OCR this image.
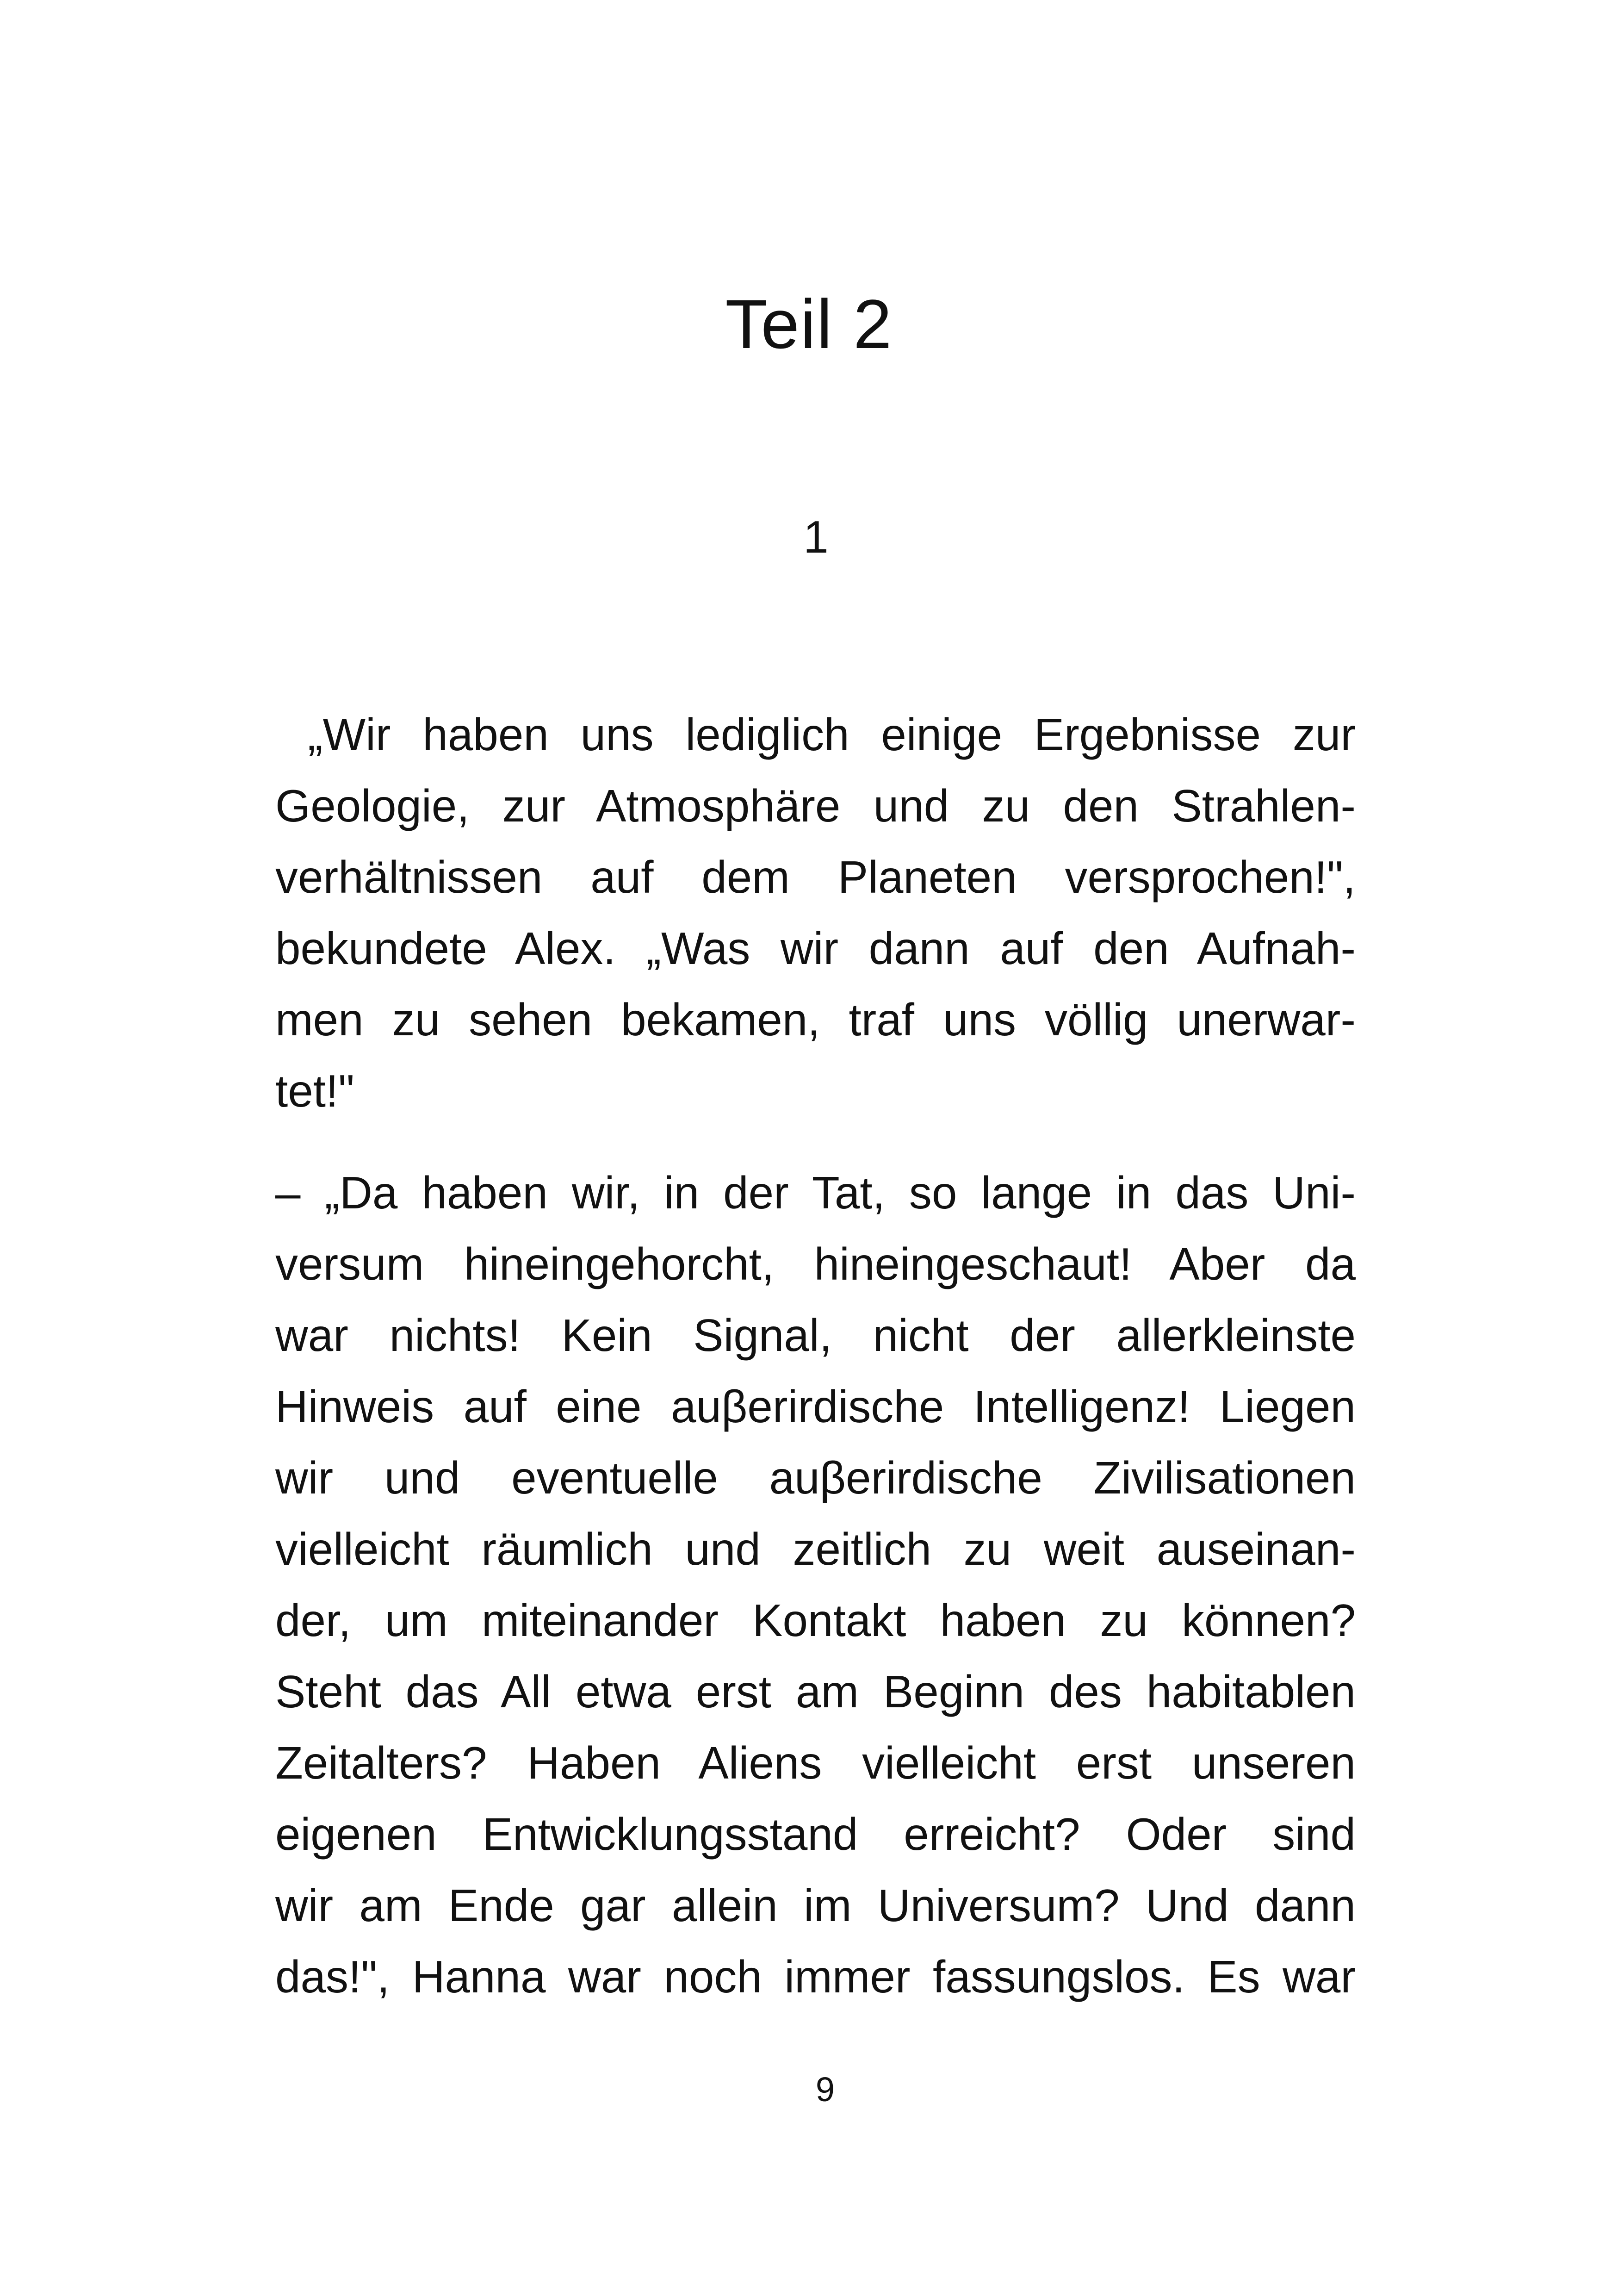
Teil 2
1
„Wir haben uns lediglich einige Ergebnisse zur
Geologie, zur Atmosphäre und zu den Strahlen-
verhältnissen auf dem Planeten versprochen!",
bekundete Alex. „Was wir dann auf den Aufnah-
men zu sehen bekamen, traf uns völlig unerwar-
tet!"
– „Da haben wir, in der Tat, so lange in das Uni-
versum hineingehorcht, hineingeschaut! Aber da
war nichts! Kein Signal, nicht der allerkleinste
Hinweis auf eine auβerirdische Intelligenz! Liegen
wir und eventuelle auβerirdische Zivilisationen
vielleicht räumlich und zeitlich zu weit auseinan-
der, um miteinander Kontakt haben zu können?
Steht das All etwa erst am Beginn des habitablen
Zeitalters? Haben Aliens vielleicht erst unseren
eigenen Entwicklungsstand erreicht? Oder sind
wir am Ende gar allein im Universum? Und dann
das!", Hanna war noch immer fassungslos. Es war
9
